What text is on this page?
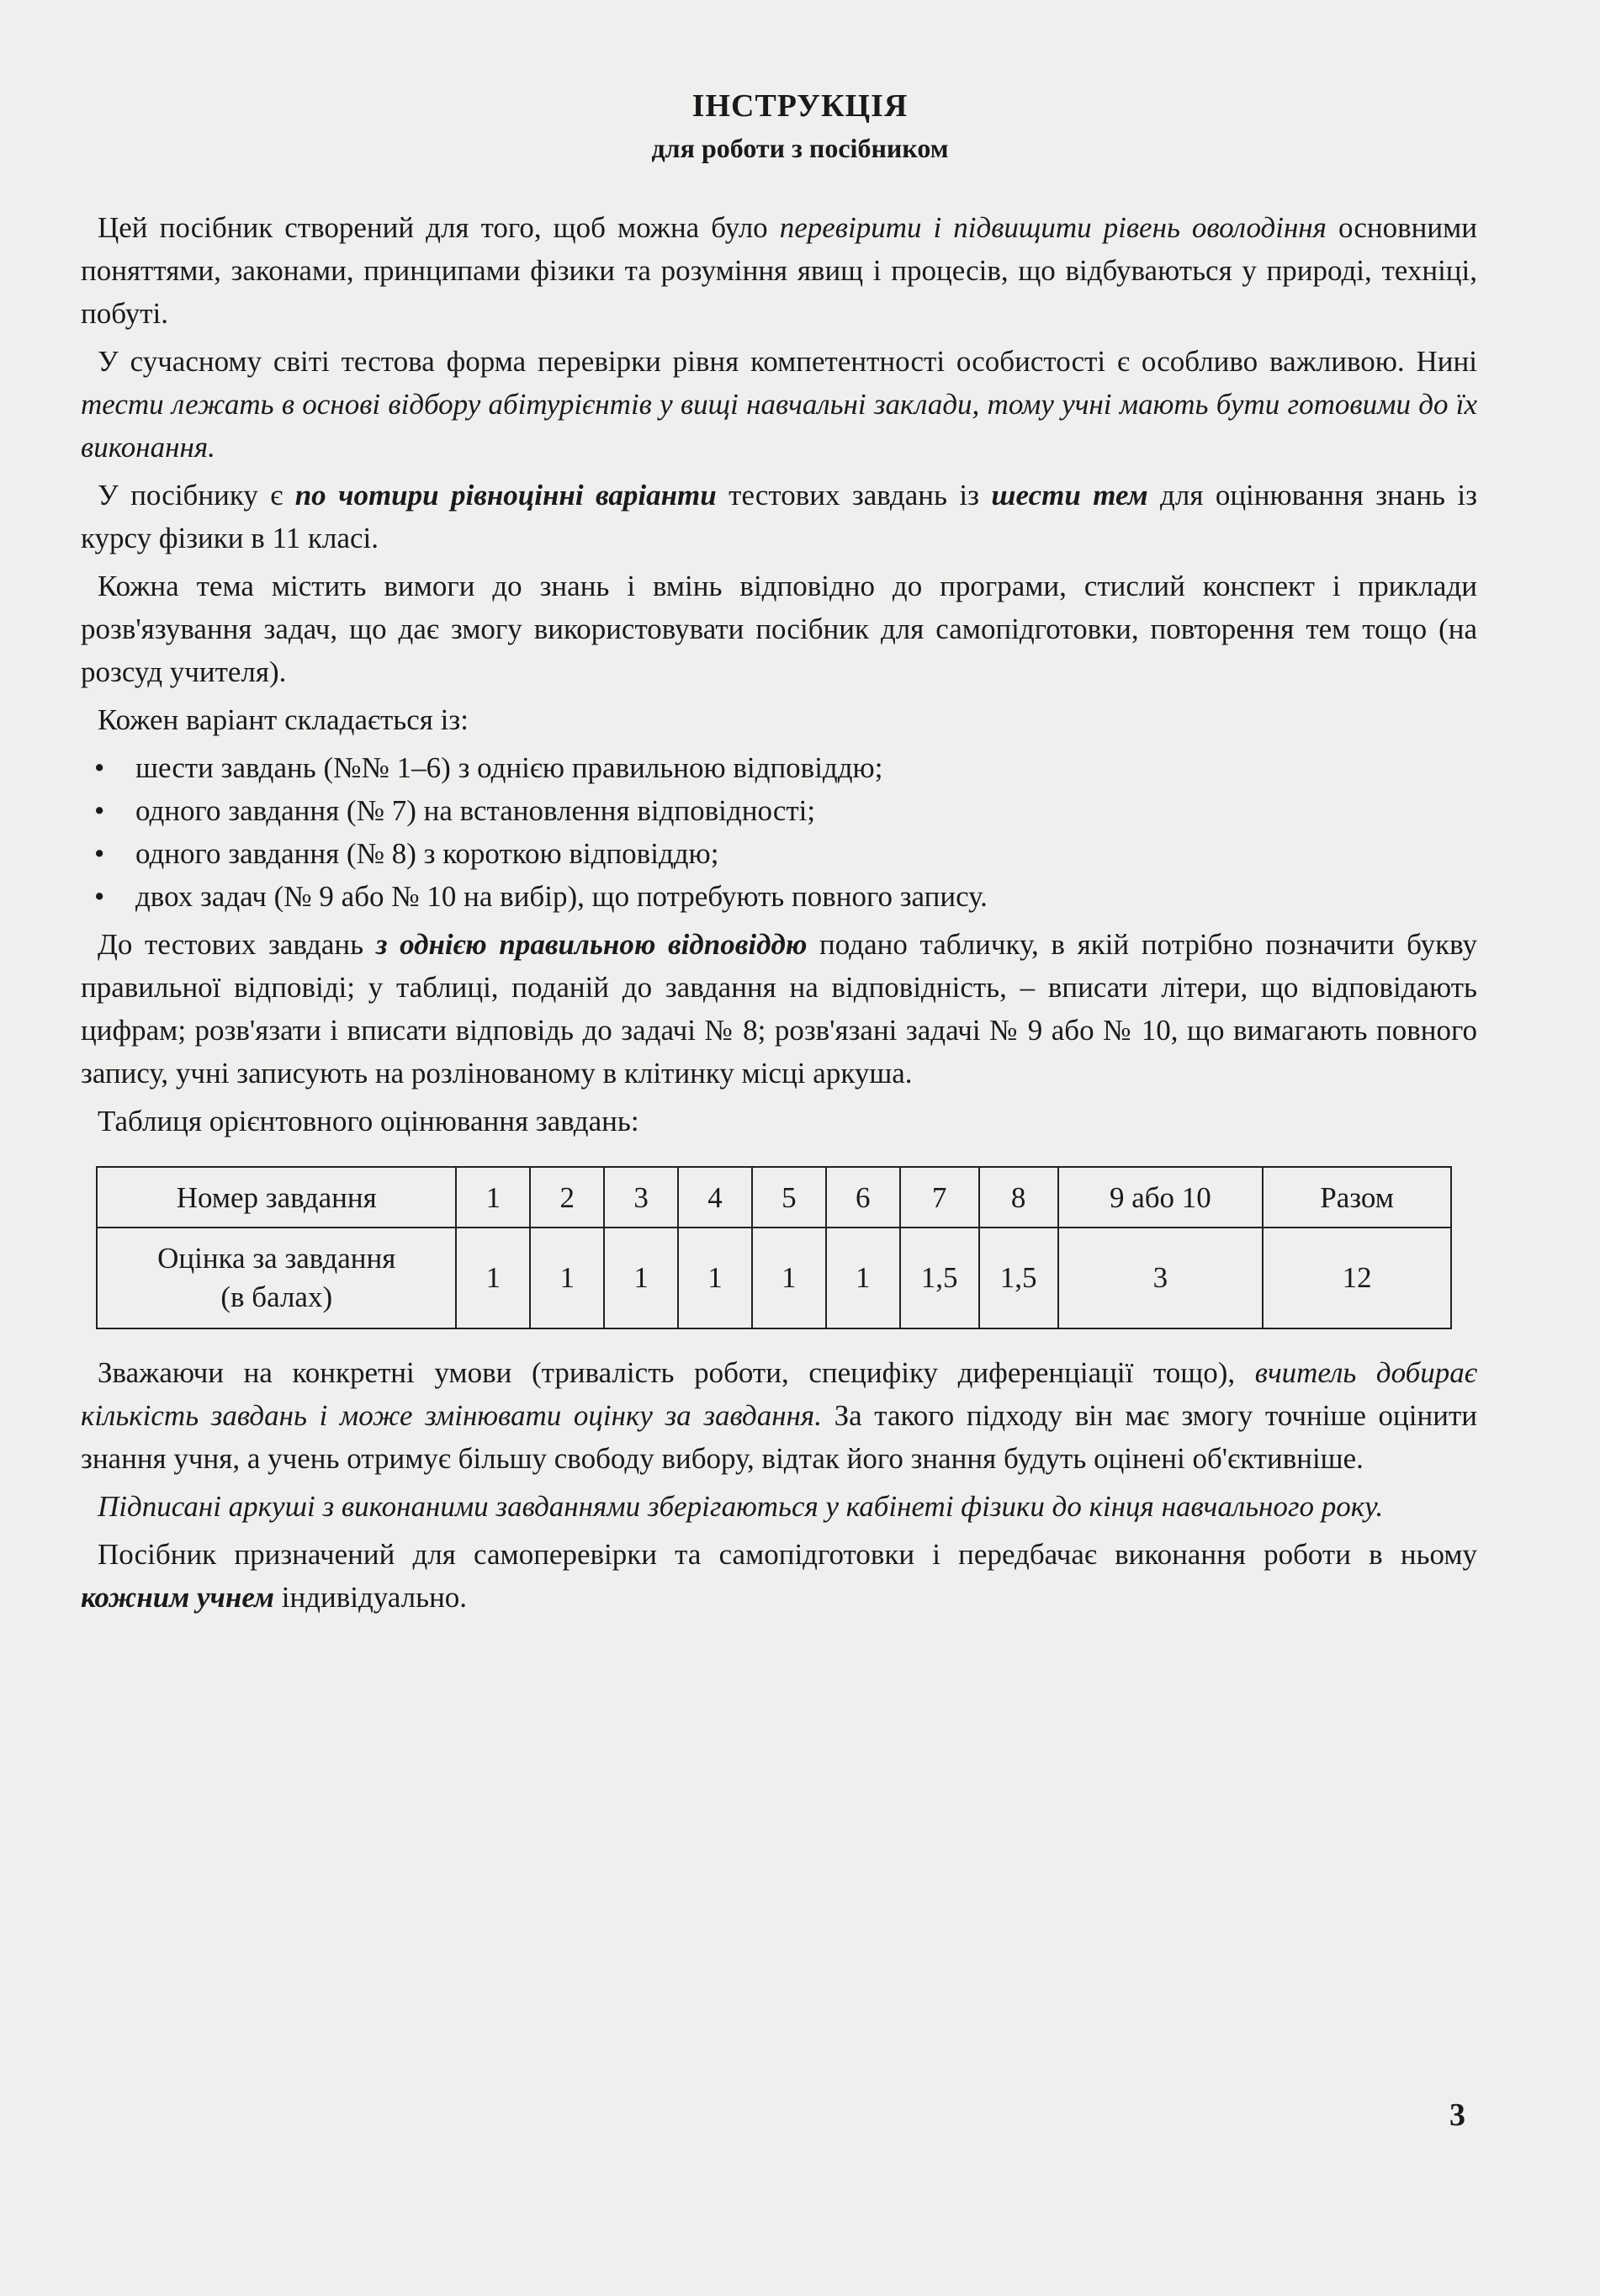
ІНСТРУКЦІЯ
для роботи з посібником

Цей посібник створений для того, щоб можна було перевірити і підвищити рівень оволодіння основними поняттями, законами, принципами фізики та розуміння явищ і процесів, що відбуваються у природі, техніці, побуті.

У сучасному світі тестова форма перевірки рівня компетентності особистості є особливо важливою. Нині тести лежать в основі відбору абітурієнтів у вищі навчальні заклади, тому учні мають бути готовими до їх виконання.

У посібнику є по чотири рівноцінні варіанти тестових завдань із шести тем для оцінювання знань із курсу фізики в 11 класі.

Кожна тема містить вимоги до знань і вмінь відповідно до програми, стислий конспект і приклади розв'язування задач, що дає змогу використовувати посібник для самопідготовки, повторення тем тощо (на розсуд учителя).

Кожен варіант складається із:

• шести завдань (№№ 1–6) з однією правильною відповіддю;
• одного завдання (№ 7) на встановлення відповідності;
• одного завдання (№ 8) з короткою відповіддю;
• двох задач (№ 9 або № 10 на вибір), що потребують повного запису.

До тестових завдань з однією правильною відповіддю подано табличку, в якій потрібно позначити букву правильної відповіді; у таблиці, поданій до завдання на відповідність, – вписати літери, що відповідають цифрам; розв'язати і вписати відповідь до задачі № 8; розв'язані задачі № 9 або № 10, що вимагають повного запису, учні записують на розлінованому в клітинку місці аркуша.

Таблиця орієнтовного оцінювання завдань:

Номер завдання	1	2	3	4	5	6	7	8	9 або 10	Разом
Оцінка за завдання
(в балах)	1	1	1	1	1	1	1,5	1,5	3	12

Зважаючи на конкретні умови (тривалість роботи, специфіку диференціації тощо), вчитель добирає кількість завдань і може змінювати оцінку за завдання. За такого підходу він має змогу точніше оцінити знання учня, а учень отримує більшу свободу вибору, відтак його знання будуть оцінені об'єктивніше.

Підписані аркуші з виконаними завданнями зберігаються у кабінеті фізики до кінця навчального року.

Посібник призначений для самоперевірки та самопідготовки і передбачає виконання роботи в ньому кожним учнем індивідуально.

3
